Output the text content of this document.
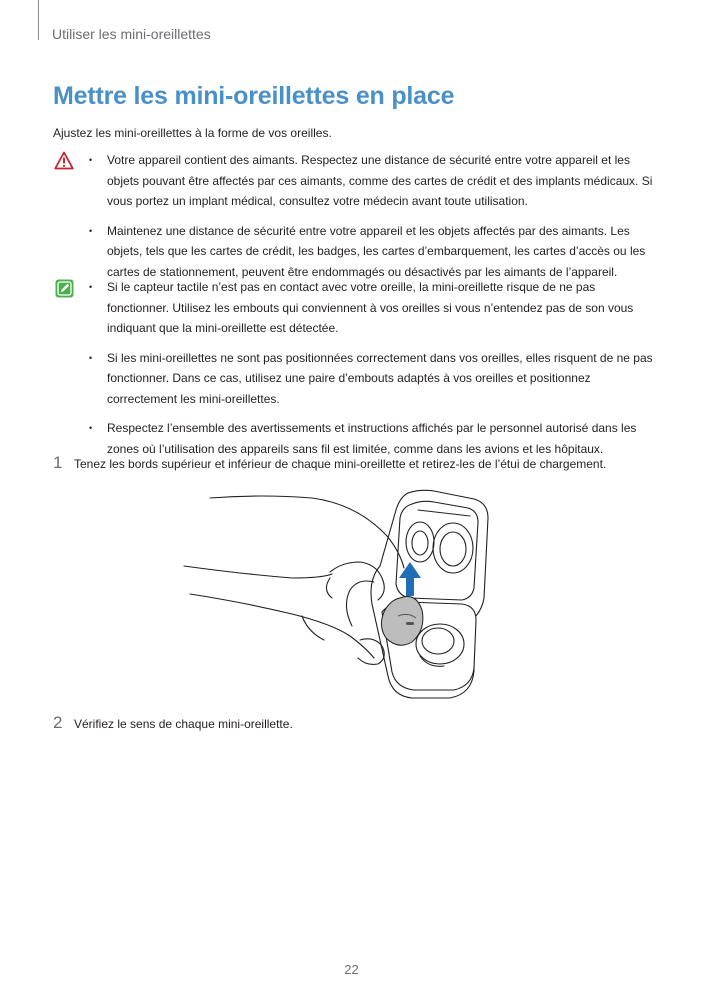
Utiliser les mini-oreillettes
Mettre les mini-oreillettes en place
Ajustez les mini-oreillettes à la forme de vos oreilles.
• Votre appareil contient des aimants. Respectez une distance de sécurité entre votre appareil et les objets pouvant être affectés par ces aimants, comme des cartes de crédit et des implants médicaux. Si vous portez un implant médical, consultez votre médecin avant toute utilisation.
• Maintenez une distance de sécurité entre votre appareil et les objets affectés par des aimants. Les objets, tels que les cartes de crédit, les badges, les cartes d’embarquement, les cartes d’accès ou les cartes de stationnement, peuvent être endommagés ou désactivés par les aimants de l’appareil.
• Si le capteur tactile n’est pas en contact avec votre oreille, la mini-oreillette risque de ne pas fonctionner. Utilisez les embouts qui conviennent à vos oreilles si vous n’entendez pas de son vous indiquant que la mini-oreillette est détectée.
• Si les mini-oreillettes ne sont pas positionnées correctement dans vos oreilles, elles risquent de ne pas fonctionner. Dans ce cas, utilisez une paire d’embouts adaptés à vos oreilles et positionnez correctement les mini-oreillettes.
• Respectez l’ensemble des avertissements et instructions affichés par le personnel autorisé dans les zones où l’utilisation des appareils sans fil est limitée, comme dans les avions et les hôpitaux.
1 Tenez les bords supérieur et inférieur de chaque mini-oreillette et retirez-les de l’étui de chargement.
2 Vérifiez le sens de chaque mini-oreillette.
22
